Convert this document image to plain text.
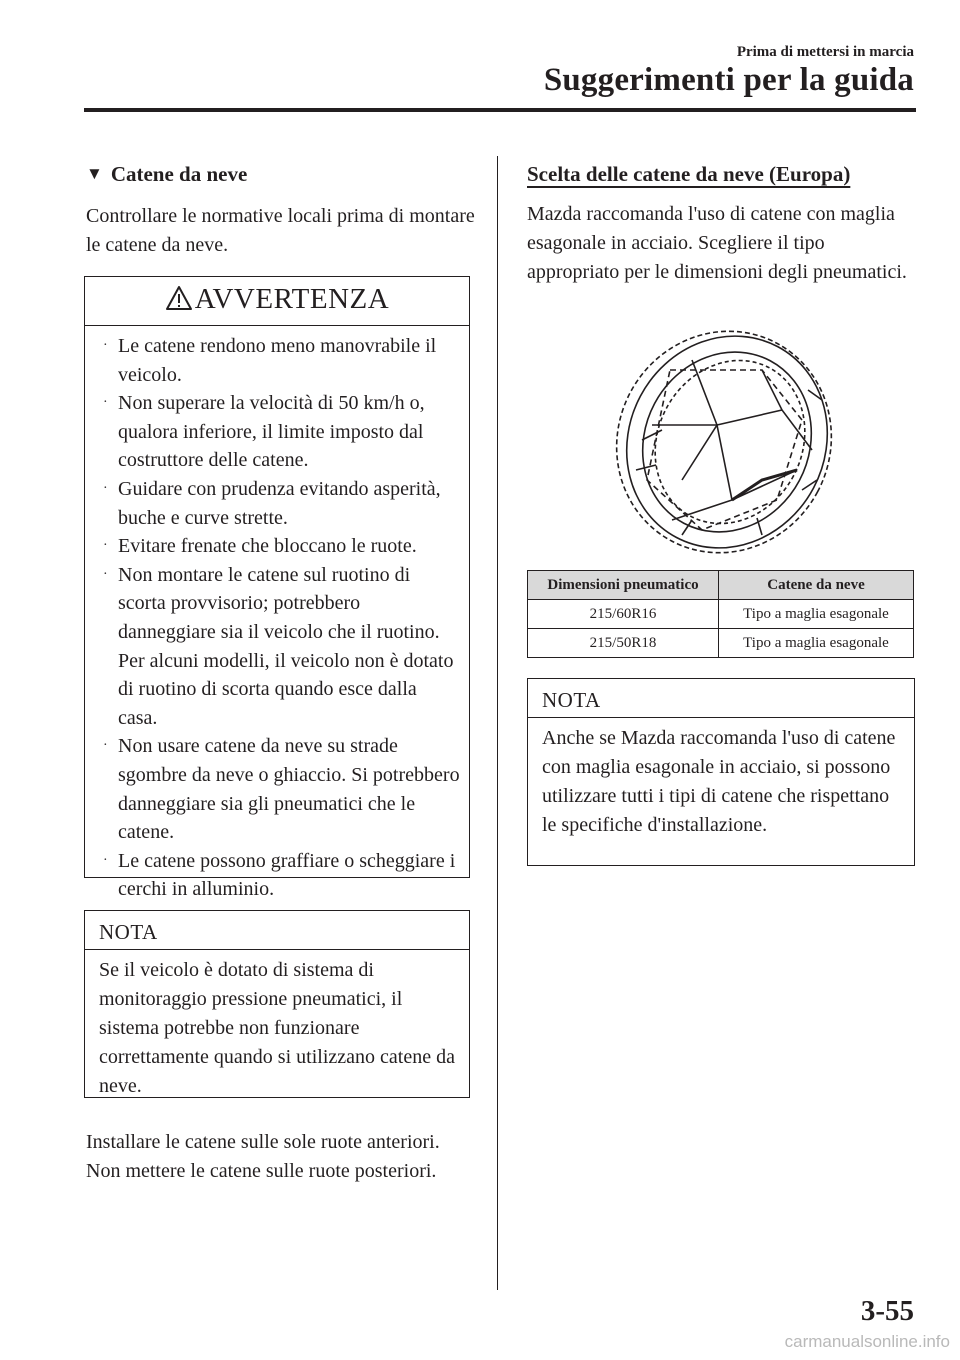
Prima di mettersi in marcia
Suggerimenti per la guida
▼ Catene da neve
Controllare le normative locali prima di montare le catene da neve.
AVVERTENZA
· Le catene rendono meno manovrabile il veicolo.
· Non superare la velocità di 50 km/h o, qualora inferiore, il limite imposto dal costruttore delle catene.
· Guidare con prudenza evitando asperità, buche e curve strette.
· Evitare frenate che bloccano le ruote.
· Non montare le catene sul ruotino di scorta provvisorio; potrebbero danneggiare sia il veicolo che il ruotino. Per alcuni modelli, il veicolo non è dotato di ruotino di scorta quando esce dalla casa.
· Non usare catene da neve su strade sgombre da neve o ghiaccio. Si potrebbero danneggiare sia gli pneumatici che le catene.
· Le catene possono graffiare o scheggiare i cerchi in alluminio.
NOTA
Se il veicolo è dotato di sistema di monitoraggio pressione pneumatici, il sistema potrebbe non funzionare correttamente quando si utilizzano catene da neve.
Installare le catene sulle sole ruote anteriori.
Non mettere le catene sulle ruote posteriori.
Scelta delle catene da neve (Europa)
Mazda raccomanda l'uso di catene con maglia esagonale in acciaio. Scegliere il tipo appropriato per le dimensioni degli pneumatici.
Dimensioni pneumatico	Catene da neve
215/60R16	Tipo a maglia esagonale
215/50R18	Tipo a maglia esagonale
NOTA
Anche se Mazda raccomanda l'uso di catene con maglia esagonale in acciaio, si possono utilizzare tutti i tipi di catene che rispettano le specifiche d'installazione.
3-55
carmanualsonline.info
